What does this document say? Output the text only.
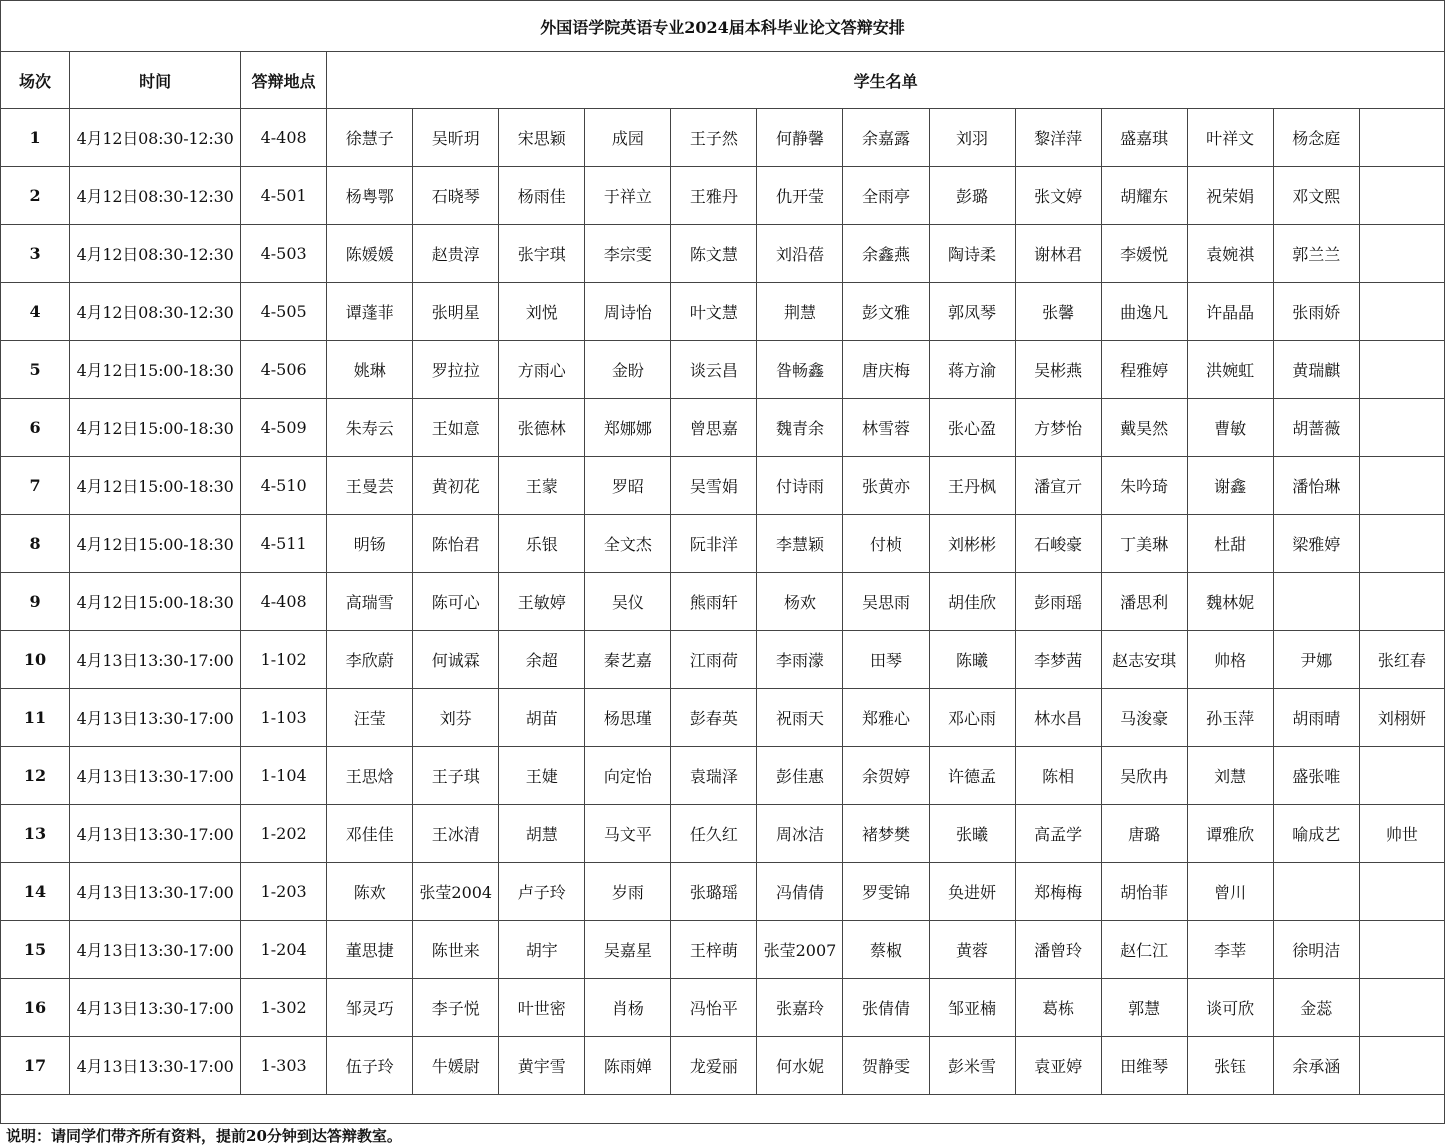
外国语学院英语专业2024届本科毕业论文答辩安排															
场次	时间	答辩地点	学生名单												
1	4月12日08:30-12:30	4-408	徐慧子	吴昕玥	宋思颖	成园	王子然	何静馨	余嘉露	刘羽	黎洋萍	盛嘉琪	叶祥文	杨念庭	
2	4月12日08:30-12:30	4-501	杨粤鄂	石晓琴	杨雨佳	于祥立	王雅丹	仇开莹	全雨亭	彭璐	张文婷	胡耀东	祝荣娟	邓文熙	
3	4月12日08:30-12:30	4-503	陈媛媛	赵贵淳	张宇琪	李宗雯	陈文慧	刘沿蓓	余鑫燕	陶诗柔	谢林君	李媛悦	袁婉祺	郭兰兰	
4	4月12日08:30-12:30	4-505	谭蓬菲	张明星	刘悦	周诗怡	叶文慧	荆慧	彭文雅	郭凤琴	张馨	曲逸凡	许晶晶	张雨娇	
5	4月12日15:00-18:30	4-506	姚琳	罗拉拉	方雨心	金盼	谈云昌	昝畅鑫	唐庆梅	蒋方渝	吴彬燕	程雅婷	洪婉虹	黄瑞麒	
6	4月12日15:00-18:30	4-509	朱寿云	王如意	张德林	郑娜娜	曾思嘉	魏青余	林雪蓉	张心盈	方梦怡	戴昊然	曹敏	胡蔷薇	
7	4月12日15:00-18:30	4-510	王曼芸	黄初花	王蒙	罗昭	吴雪娟	付诗雨	张黄亦	王丹枫	潘宣亓	朱吟琦	谢鑫	潘怡琳	
8	4月12日15:00-18:30	4-511	明钖	陈怡君	乐银	全文杰	阮非洋	李慧颖	付桢	刘彬彬	石峻豪	丁美琳	杜甜	梁雅婷	
9	4月12日15:00-18:30	4-408	高瑞雪	陈可心	王敏婷	吴仪	熊雨轩	杨欢	吴思雨	胡佳欣	彭雨瑶	潘思利	魏林妮		
10	4月13日13:30-17:00	1-102	李欣蔚	何诚霖	余超	秦艺嘉	江雨荷	李雨濛	田琴	陈曦	李梦茜	赵志安琪	帅格	尹娜	张红春
11	4月13日13:30-17:00	1-103	汪莹	刘芬	胡苗	杨思瑾	彭春英	祝雨天	郑雅心	邓心雨	林水昌	马浚豪	孙玉萍	胡雨晴	刘栩妍
12	4月13日13:30-17:00	1-104	王思焓	王子琪	王婕	向定怡	袁瑞泽	彭佳惠	余贺婷	许德孟	陈相	吴欣冉	刘慧	盛张唯	
13	4月13日13:30-17:00	1-202	邓佳佳	王冰清	胡慧	马文平	任久红	周冰洁	褚梦樊	张曦	高孟学	唐璐	谭雅欣	喻成艺	帅世
14	4月13日13:30-17:00	1-203	陈欢	张莹2004	卢子玲	岁雨	张璐瑶	冯倩倩	罗雯锦	奂进妍	郑梅梅	胡怡菲	曾川		
15	4月13日13:30-17:00	1-204	董思捷	陈世来	胡宇	吴嘉星	王梓萌	张莹2007	蔡椒	黄蓉	潘曾玲	赵仁江	李莘	徐明洁	
16	4月13日13:30-17:00	1-302	邹灵巧	李子悦	叶世密	肖杨	冯怡平	张嘉玲	张倩倩	邹亚楠	葛栋	郭慧	谈可欣	金蕊	
17	4月13日13:30-17:00	1-303	伍子玲	牛媛尉	黄宇雪	陈雨婵	龙爱丽	何水妮	贺静雯	彭米雪	袁亚婷	田维琴	张钰	余承涵	

说明：请同学们带齐所有资料，提前20分钟到达答辩教室。
